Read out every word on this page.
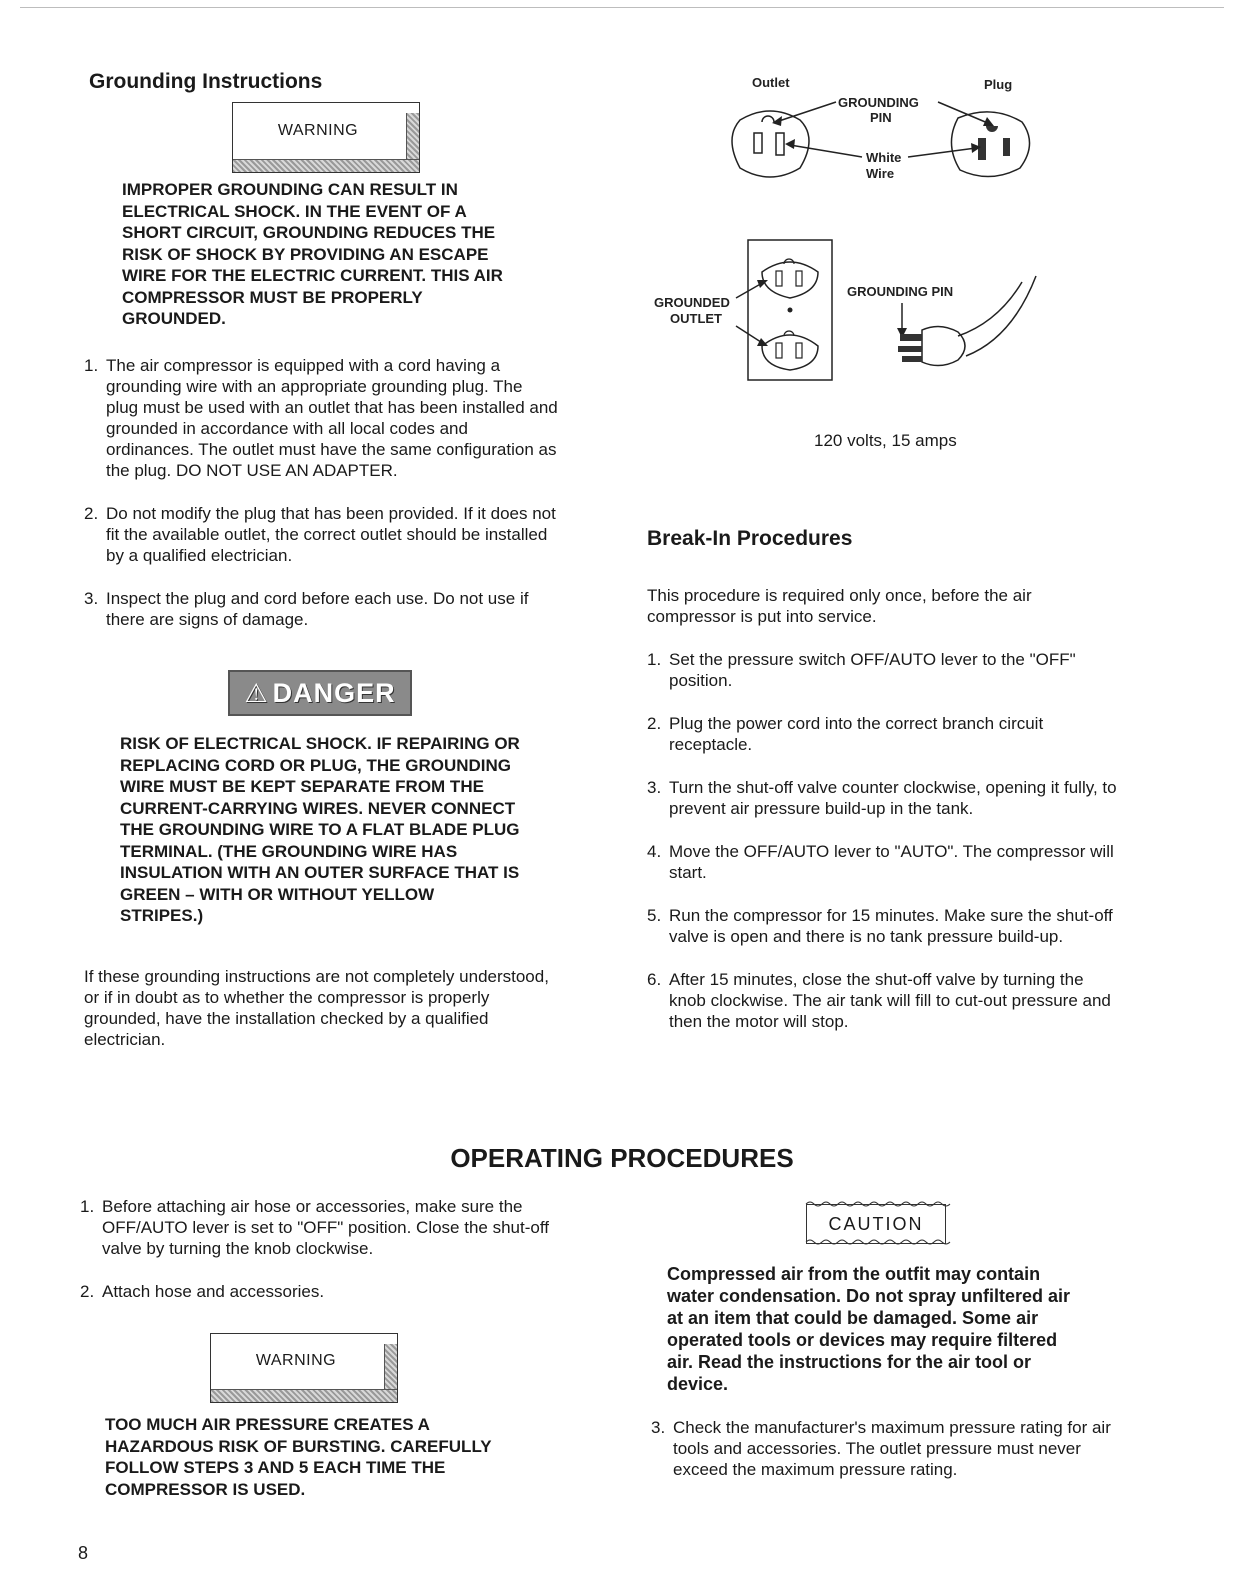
Grounding Instructions
WARNING
IMPROPER GROUNDING CAN RESULT IN ELECTRICAL SHOCK. IN THE EVENT OF A SHORT CIRCUIT, GROUNDING REDUCES THE RISK OF SHOCK BY PROVIDING AN ESCAPE WIRE FOR THE ELECTRIC CURRENT. THIS AIR COMPRESSOR MUST BE PROPERLY GROUNDED.
1. The air compressor is equipped with a cord having a grounding wire with an appropriate grounding plug. The plug must be used with an outlet that has been installed and grounded in accordance with all local codes and ordinances. The outlet must have the same configuration as the plug. DO NOT USE AN ADAPTER.
2. Do not modify the plug that has been provided. If it does not fit the available outlet, the correct outlet should be installed by a qualified electrician.
3. Inspect the plug and cord before each use. Do not use if there are signs of damage.
⚠ DANGER
RISK OF ELECTRICAL SHOCK. IF REPAIRING OR REPLACING CORD OR PLUG, THE GROUNDING WIRE MUST BE KEPT SEPARATE FROM THE CURRENT-CARRYING WIRES. NEVER CONNECT THE GROUNDING WIRE TO A FLAT BLADE PLUG TERMINAL. (THE GROUNDING WIRE HAS INSULATION WITH AN OUTER SURFACE THAT IS GREEN – WITH OR WITHOUT YELLOW STRIPES.)
If these grounding instructions are not completely understood, or if in doubt as to whether the compressor is properly grounded, have the installation checked by a qualified electrician.
Outlet	Plug
GROUNDING
PIN
White
Wire
GROUNDED
OUTLET
GROUNDING PIN
120 volts, 15 amps
Break-In Procedures
This procedure is required only once, before the air compressor is put into service.
1. Set the pressure switch OFF/AUTO lever to the "OFF" position.
2. Plug the power cord into the correct branch circuit receptacle.
3. Turn the shut-off valve counter clockwise, opening it fully, to prevent air pressure build-up in the tank.
4. Move the OFF/AUTO lever to "AUTO". The compressor will start.
5. Run the compressor for 15 minutes. Make sure the shut-off valve is open and there is no tank pressure build-up.
6. After 15 minutes, close the shut-off valve by turning the knob clockwise. The air tank will fill to cut-out pressure and then the motor will stop.
OPERATING PROCEDURES
1. Before attaching air hose or accessories, make sure the OFF/AUTO lever is set to "OFF" position. Close the shut-off valve by turning the knob clockwise.
2. Attach hose and accessories.
WARNING
TOO MUCH AIR PRESSURE CREATES A HAZARDOUS RISK OF BURSTING. CAREFULLY FOLLOW STEPS 3 AND 5 EACH TIME THE COMPRESSOR IS USED.
CAUTION
Compressed air from the outfit may contain water condensation. Do not spray unfiltered air at an item that could be damaged. Some air operated tools or devices may require filtered air. Read the instructions for the air tool or device.
3. Check the manufacturer's maximum pressure rating for air tools and accessories. The outlet pressure must never exceed the maximum pressure rating.
8
